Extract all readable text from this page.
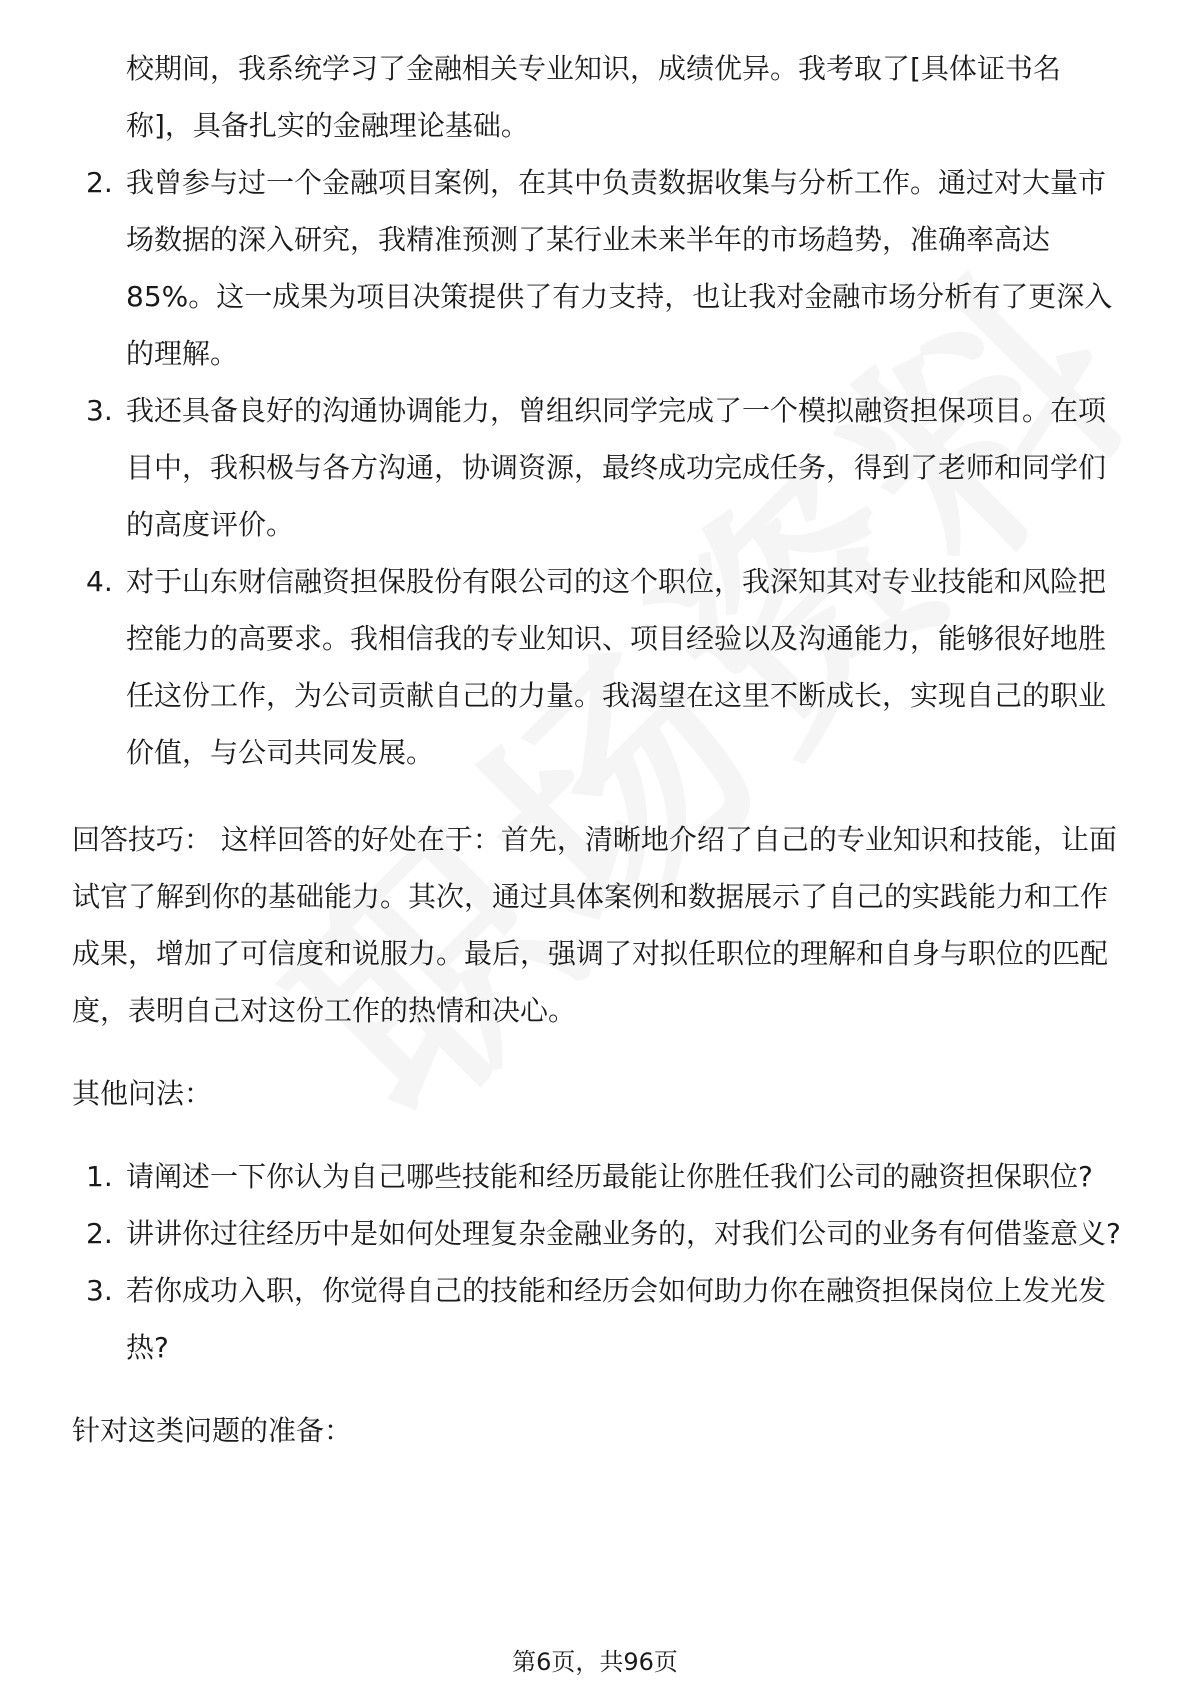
校期间，我系统学习了金融相关专业知识，成绩优异。我考取了[具体证书名称]，具备扎实的金融理论基础。

2. 我曾参与过一个金融项目案例，在其中负责数据收集与分析工作。通过对大量市场数据的深入研究，我精准预测了某行业未来半年的市场趋势，准确率高达85%。这一成果为项目决策提供了有力支持，也让我对金融市场分析有了更深入的理解。
3. 我还具备良好的沟通协调能力，曾组织同学完成了一个模拟融资担保项目。在项目中，我积极与各方沟通，协调资源，最终成功完成任务，得到了老师和同学们的高度评价。
4. 对于山东财信融资担保股份有限公司的这个职位，我深知其对专业技能和风险把控能力的高要求。我相信我的专业知识、项目经验以及沟通能力，能够很好地胜任这份工作，为公司贡献自己的力量。我渴望在这里不断成长，实现自己的职业价值，与公司共同发展。

回答技巧： 这样回答的好处在于：首先，清晰地介绍了自己的专业知识和技能，让面试官了解到你的基础能力。其次，通过具体案例和数据展示了自己的实践能力和工作成果，增加了可信度和说服力。最后，强调了对拟任职位的理解和自身与职位的匹配度，表明自己对这份工作的热情和决心。

其他问法：

1. 请阐述一下你认为自己哪些技能和经历最能让你胜任我们公司的融资担保职位?
2. 讲讲你过往经历中是如何处理复杂金融业务的，对我们公司的业务有何借鉴意义?
3. 若你成功入职，你觉得自己的技能和经历会如何助力你在融资担保岗位上发光发热?

针对这类问题的准备：

第6页，共96页
